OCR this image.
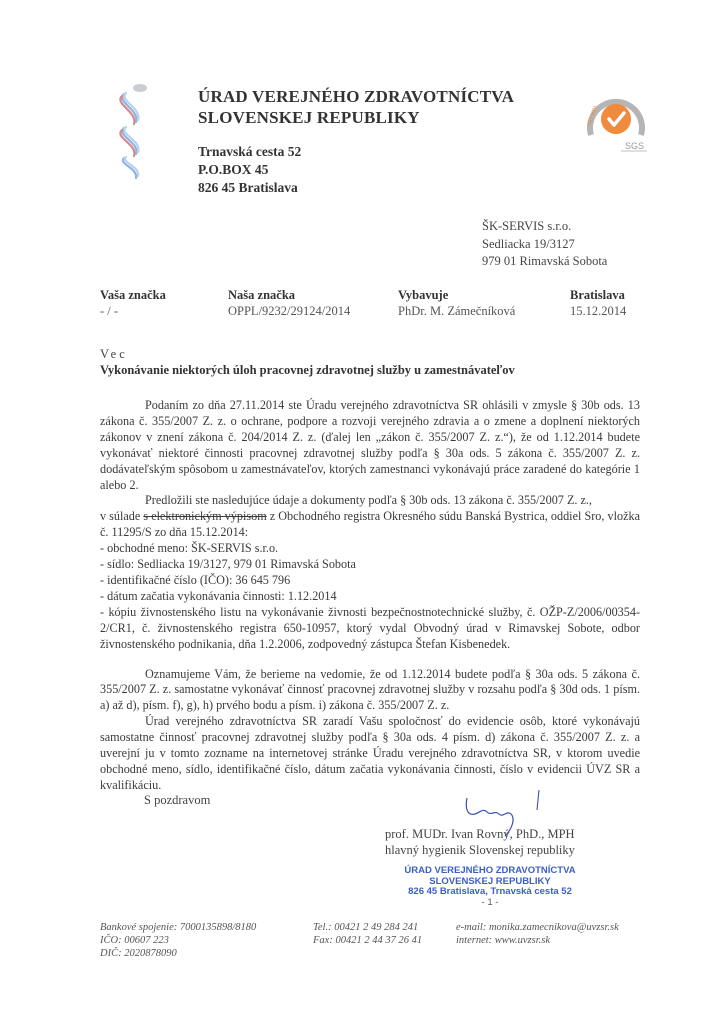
ÚRAD VEREJNÉHO ZDRAVOTNÍCTVA
SLOVENSKEJ REPUBLIKY
Trnavská cesta 52
P.O.BOX 45
826 45 Bratislava
ISO 9001
SGS
ŠK-SERVIS s.r.o.
Sedliacka 19/3127
979 01 Rimavská Sobota
Vaša značka
- / -
Naša značka
OPPL/9232/29124/2014
Vybavuje
PhDr. M. Zámečníková
Bratislava
15.12.2014
Vec
Vykonávanie niektorých úloh pracovnej zdravotnej služby u zamestnávateľov

Podaním zo dňa 27.11.2014 ste Úradu verejného zdravotníctva SR ohlásili v zmysle § 30b ods. 13 zákona č. 355/2007 Z. z. o ochrane, podpore a rozvoji verejného zdravia a o zmene a doplnení niektorých zákonov v znení zákona č. 204/2014 Z. z. (ďalej len „zákon č. 355/2007 Z. z.“), že od 1.12.2014 budete vykonávať niektoré činnosti pracovnej zdravotnej služby podľa § 30a ods. 5 zákona č. 355/2007 Z. z. dodávateľským spôsobom u zamestnávateľov, ktorých zamestnanci vykonávajú práce zaradené do kategórie 1 alebo 2.

Predložili ste nasledujúce údaje a dokumenty podľa § 30b ods. 13 zákona č. 355/2007 Z. z.,

v súlade s elektronickým výpisom z Obchodného registra Okresného súdu Banská Bystrica, oddiel Sro, vložka č. 11295/S zo dňa 15.12.2014:

- obchodné meno: ŠK-SERVIS s.r.o.

- sídlo: Sedliacka 19/3127, 979 01 Rimavská Sobota

- identifikačné číslo (IČO): 36 645 796

- dátum začatia vykonávania činnosti: 1.12.2014

- kópiu živnostenského listu na vykonávanie živnosti bezpečnostnotechnické služby, č. OŽP-Z/2006/00354-2/CR1, č. živnostenského registra 650-10957, ktorý vydal Obvodný úrad v Rimavskej Sobote, odbor živnostenského podnikania, dňa 1.2.2006, zodpovedný zástupca Štefan Kisbenedek.

Oznamujeme Vám, že berieme na vedomie, že od 1.12.2014 budete podľa § 30a ods. 5 zákona č. 355/2007 Z. z. samostatne vykonávať činnosť pracovnej zdravotnej služby v rozsahu podľa § 30d ods. 1 písm. a) až d), písm. f), g), h) prvého bodu a písm. i) zákona č. 355/2007 Z. z.

Úrad verejného zdravotníctva SR zaradí Vašu spoločnosť do evidencie osôb, ktoré vykonávajú samostatne činnosť pracovnej zdravotnej služby podľa § 30a ods. 4 písm. d) zákona č. 355/2007 Z. z. a uverejní ju v tomto zozname na internetovej stránke Úradu verejného zdravotníctva SR, v ktorom uvedie obchodné meno, sídlo, identifikačné číslo, dátum začatia vykonávania činnosti, číslo v evidencii ÚVZ SR a kvalifikáciu.

S pozdravom
prof. MUDr. Ivan Rovný, PhD., MPH
hlavný hygienik Slovenskej republiky
ÚRAD VEREJNÉHO ZDRAVOTNÍCTVA
SLOVENSKEJ REPUBLIKY
826 45 Bratislava, Trnavská cesta 52
- 1 -
Bankové spojenie: 7000135898/8180
IČO: 00607 223
DIČ: 2020878090
Tel.: 00421 2 49 284 241
Fax: 00421 2 44 37 26 41
e-mail: monika.zamecnikova@uvzsr.sk
internet: www.uvzsr.sk
